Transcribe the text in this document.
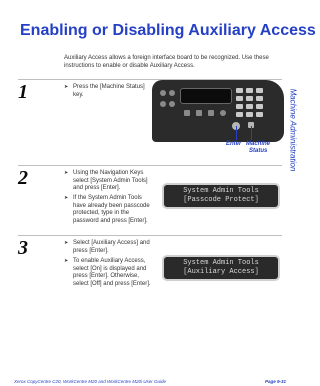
Enabling or Disabling Auxiliary Access
Machine Administration
Auxiliary Access allows a foreign interface board to be recognized. Use these instructions to enable or disable Auxiliary Access.
1	➤ Press the [Machine Status] key.
Enter Machine
Status
2	➤ Using the Navigation Keys select [System Admin Tools] and press [Enter].
➤ If the System Admin Tools have already been passcode protected, type in the password and press [Enter].
System Admin Tools
[Passcode Protect]
3	➤ Select [Auxiliary Access] and press [Enter].
➤ To enable Auxiliary Access, select [On] is displayed and press [Enter]. Otherwise, select [Off] and press [Enter].
System Admin Tools
[Auxiliary Access]
Xerox CopyCentre C20, WorkCentre M20 and WorkCentre M20i User Guide	Page 9-31
